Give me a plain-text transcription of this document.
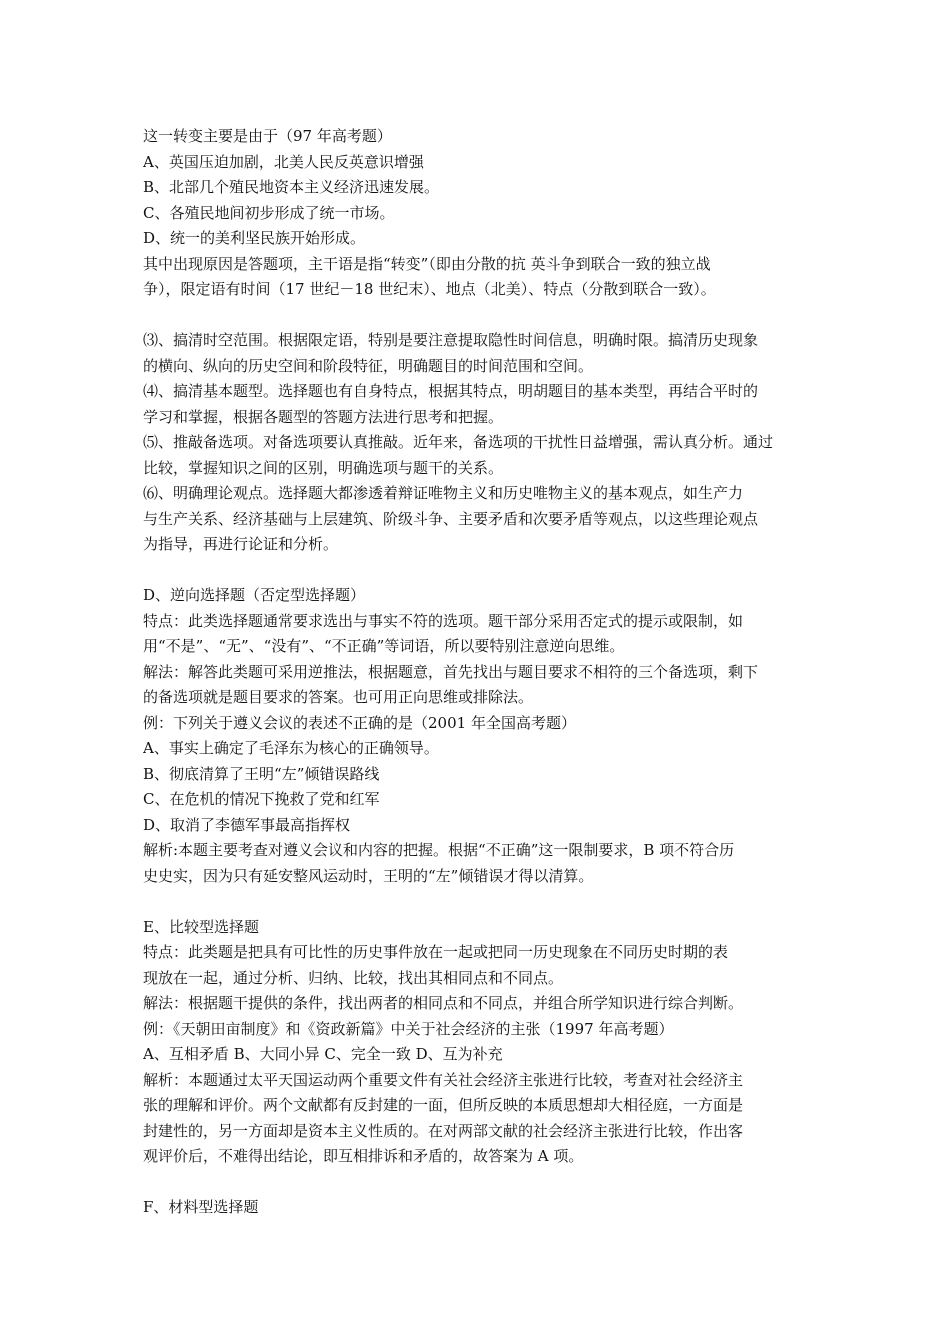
这一转变主要是由于（97 年高考题）
A、英国压迫加剧，北美人民反英意识增强
B、北部几个殖民地资本主义经济迅速发展。
C、各殖民地间初步形成了统一市场。
D、统一的美利坚民族开始形成。
其中出现原因是答题项，主干语是指“转变”（即由分散的抗 英斗争到联合一致的独立战
争），限定语有时间（17 世纪－18 世纪末）、地点（北美）、特点（分散到联合一致）。
⑶、搞清时空范围。根据限定语，特别是要注意提取隐性时间信息，明确时限。搞清历史现象
的横向、纵向的历史空间和阶段特征，明确题目的时间范围和空间。
⑷、搞清基本题型。选择题也有自身特点，根据其特点，明胡题目的基本类型，再结合平时的
学习和掌握，根据各题型的答题方法进行思考和把握。
⑸、推敲备选项。对备选项要认真推敲。近年来，备选项的干扰性日益增强，需认真分析。通过
比较，掌握知识之间的区别，明确选项与题干的关系。
⑹、明确理论观点。选择题大都渗透着辩证唯物主义和历史唯物主义的基本观点，如生产力
与生产关系、经济基础与上层建筑、阶级斗争、主要矛盾和次要矛盾等观点，以这些理论观点
为指导，再进行论证和分析。
D、逆向选择题（否定型选择题）
特点：此类选择题通常要求选出与事实不符的选项。题干部分采用否定式的提示或限制，如
用“不是”、“无”、“没有”、“不正确”等词语，所以要特别注意逆向思维。
解法：解答此类题可采用逆推法，根据题意，首先找出与题目要求不相符的三个备选项，剩下
的备选项就是题目要求的答案。也可用正向思维或排除法。
例：下列关于遵义会议的表述不正确的是（2001 年全国高考题）
A、事实上确定了毛泽东为核心的正确领导。
B、彻底清算了王明“左”倾错误路线
C、在危机的情况下挽救了党和红军
D、取消了李德军事最高指挥权
解析:本题主要考查对遵义会议和内容的把握。根据“不正确”这一限制要求，B 项不符合历
史史实，因为只有延安整风运动时，王明的“左”倾错误才得以清算。
E、比较型选择题
特点：此类题是把具有可比性的历史事件放在一起或把同一历史现象在不同历史时期的表
现放在一起，通过分析、归纳、比较，找出其相同点和不同点。
解法：根据题干提供的条件，找出两者的相同点和不同点，并组合所学知识进行综合判断。
例：《天朝田亩制度》和《资政新篇》中关于社会经济的主张（1997 年高考题）
A、互相矛盾 B、大同小异 C、完全一致 D、互为补充
解析：本题通过太平天国运动两个重要文件有关社会经济主张进行比较，考查对社会经济主
张的理解和评价。两个文献都有反封建的一面，但所反映的本质思想却大相径庭，一方面是
封建性的，另一方面却是资本主义性质的。在对两部文献的社会经济主张进行比较，作出客
观评价后，不难得出结论，即互相排诉和矛盾的，故答案为 A 项。
F、材料型选择题
